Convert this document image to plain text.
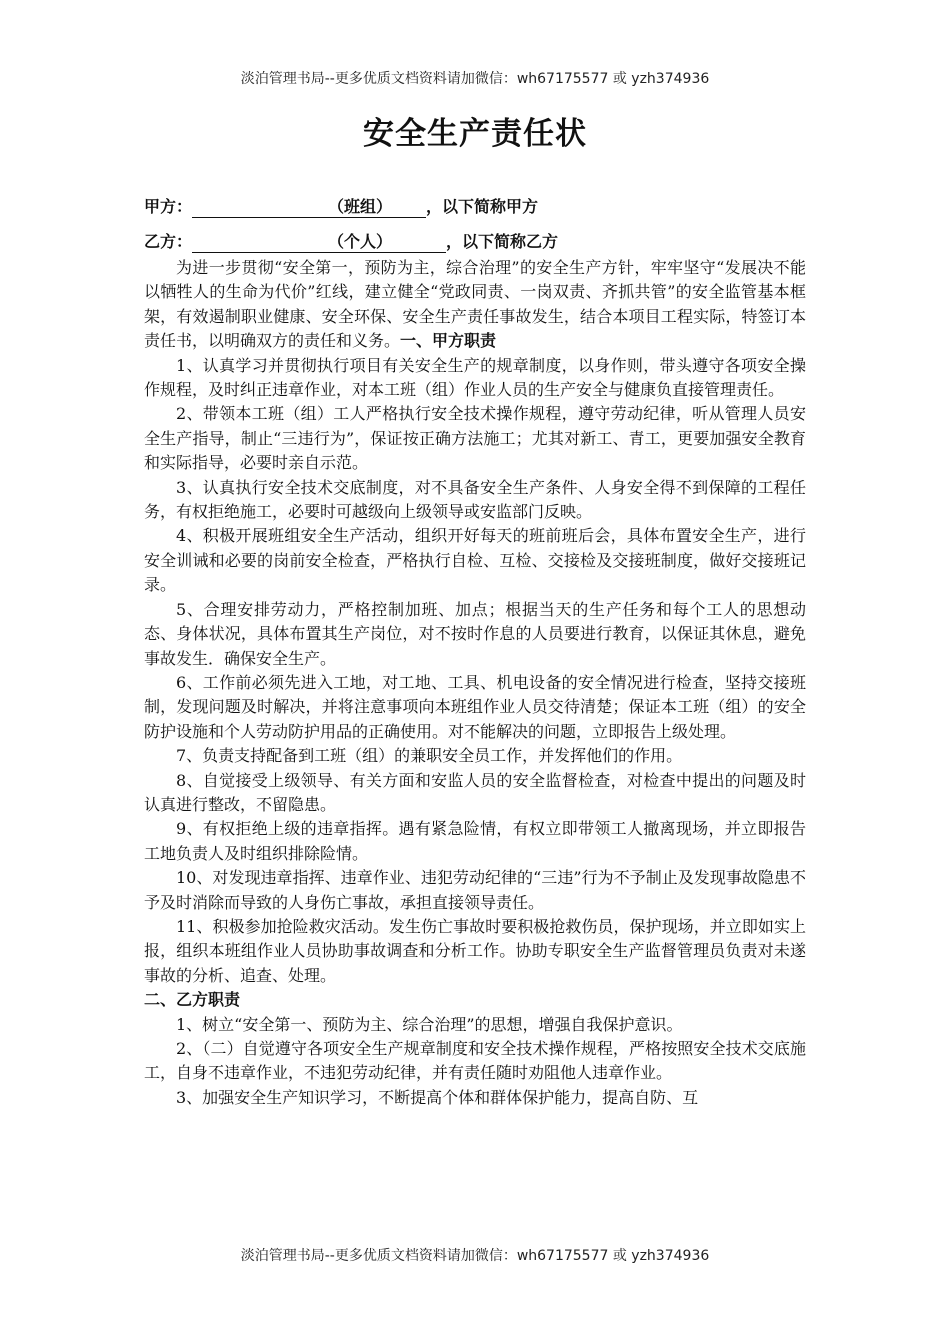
淡泊管理书局--更多优质文档资料请加微信：wh67175577 或 yzh374936
安全生产责任状
甲方：	（班组） ，以下简称甲方
乙方：	（个人）	，以下简称乙方

为进一步贯彻“安全第一，预防为主，综合治理”的安全生产方针，牢牢坚守“发展决不能以牺牲人的生命为代价”红线，建立健全“党政同责、一岗双责、齐抓共管”的安全监管基本框架，有效遏制职业健康、安全环保、安全生产责任事故发生，结合本项目工程实际，特签订本责任书，以明确双方的责任和义务。一、甲方职责

1、认真学习并贯彻执行项目有关安全生产的规章制度，以身作则，带头遵守各项安全操作规程，及时纠正违章作业，对本工班（组）作业人员的生产安全与健康负直接管理责任。

2、带领本工班（组）工人严格执行安全技术操作规程，遵守劳动纪律，听从管理人员安全生产指导，制止“三违行为”，保证按正确方法施工；尤其对新工、青工，更要加强安全教育和实际指导，必要时亲自示范。

3、认真执行安全技术交底制度，对不具备安全生产条件、人身安全得不到保障的工程任务，有权拒绝施工，必要时可越级向上级领导或安监部门反映。

4、积极开展班组安全生产活动，组织开好每天的班前班后会，具体布置安全生产，进行安全训诫和必要的岗前安全检查，严格执行自检、互检、交接检及交接班制度，做好交接班记录。

5、合理安排劳动力，严格控制加班、加点；根据当天的生产任务和每个工人的思想动态、身体状况，具体布置其生产岗位，对不按时作息的人员要进行教育，以保证其休息，避免事故发生．确保安全生产。

6、工作前必须先进入工地，对工地、工具、机电设备的安全情况进行检查，坚持交接班制，发现问题及时解决，并将注意事项向本班组作业人员交待清楚；保证本工班（组）的安全防护设施和个人劳动防护用品的正确使用。对不能解决的问题，立即报告上级处理。

7、负责支持配备到工班（组）的兼职安全员工作，并发挥他们的作用。

8、自觉接受上级领导、有关方面和安监人员的安全监督检查，对检查中提出的问题及时认真进行整改，不留隐患。

9、有权拒绝上级的违章指挥。遇有紧急险情，有权立即带领工人撤离现场，并立即报告工地负责人及时组织排除险情。

10、对发现违章指挥、违章作业、违犯劳动纪律的“三违”行为不予制止及发现事故隐患不予及时消除而导致的人身伤亡事故，承担直接领导责任。

11、积极参加抢险救灾活动。发生伤亡事故时要积极抢救伤员，保护现场，并立即如实上报，组织本班组作业人员协助事故调查和分析工作。协助专职安全生产监督管理员负责对未遂事故的分析、追查、处理。

二、乙方职责

1、树立“安全第一、预防为主、综合治理”的思想，增强自我保护意识。

2、（二）自觉遵守各项安全生产规章制度和安全技术操作规程，严格按照安全技术交底施工，自身不违章作业，不违犯劳动纪律，并有责任随时劝阻他人违章作业。

3、加强安全生产知识学习，不断提高个体和群体保护能力，提高自防、互

淡泊管理书局--更多优质文档资料请加微信：wh67175577 或 yzh374936
